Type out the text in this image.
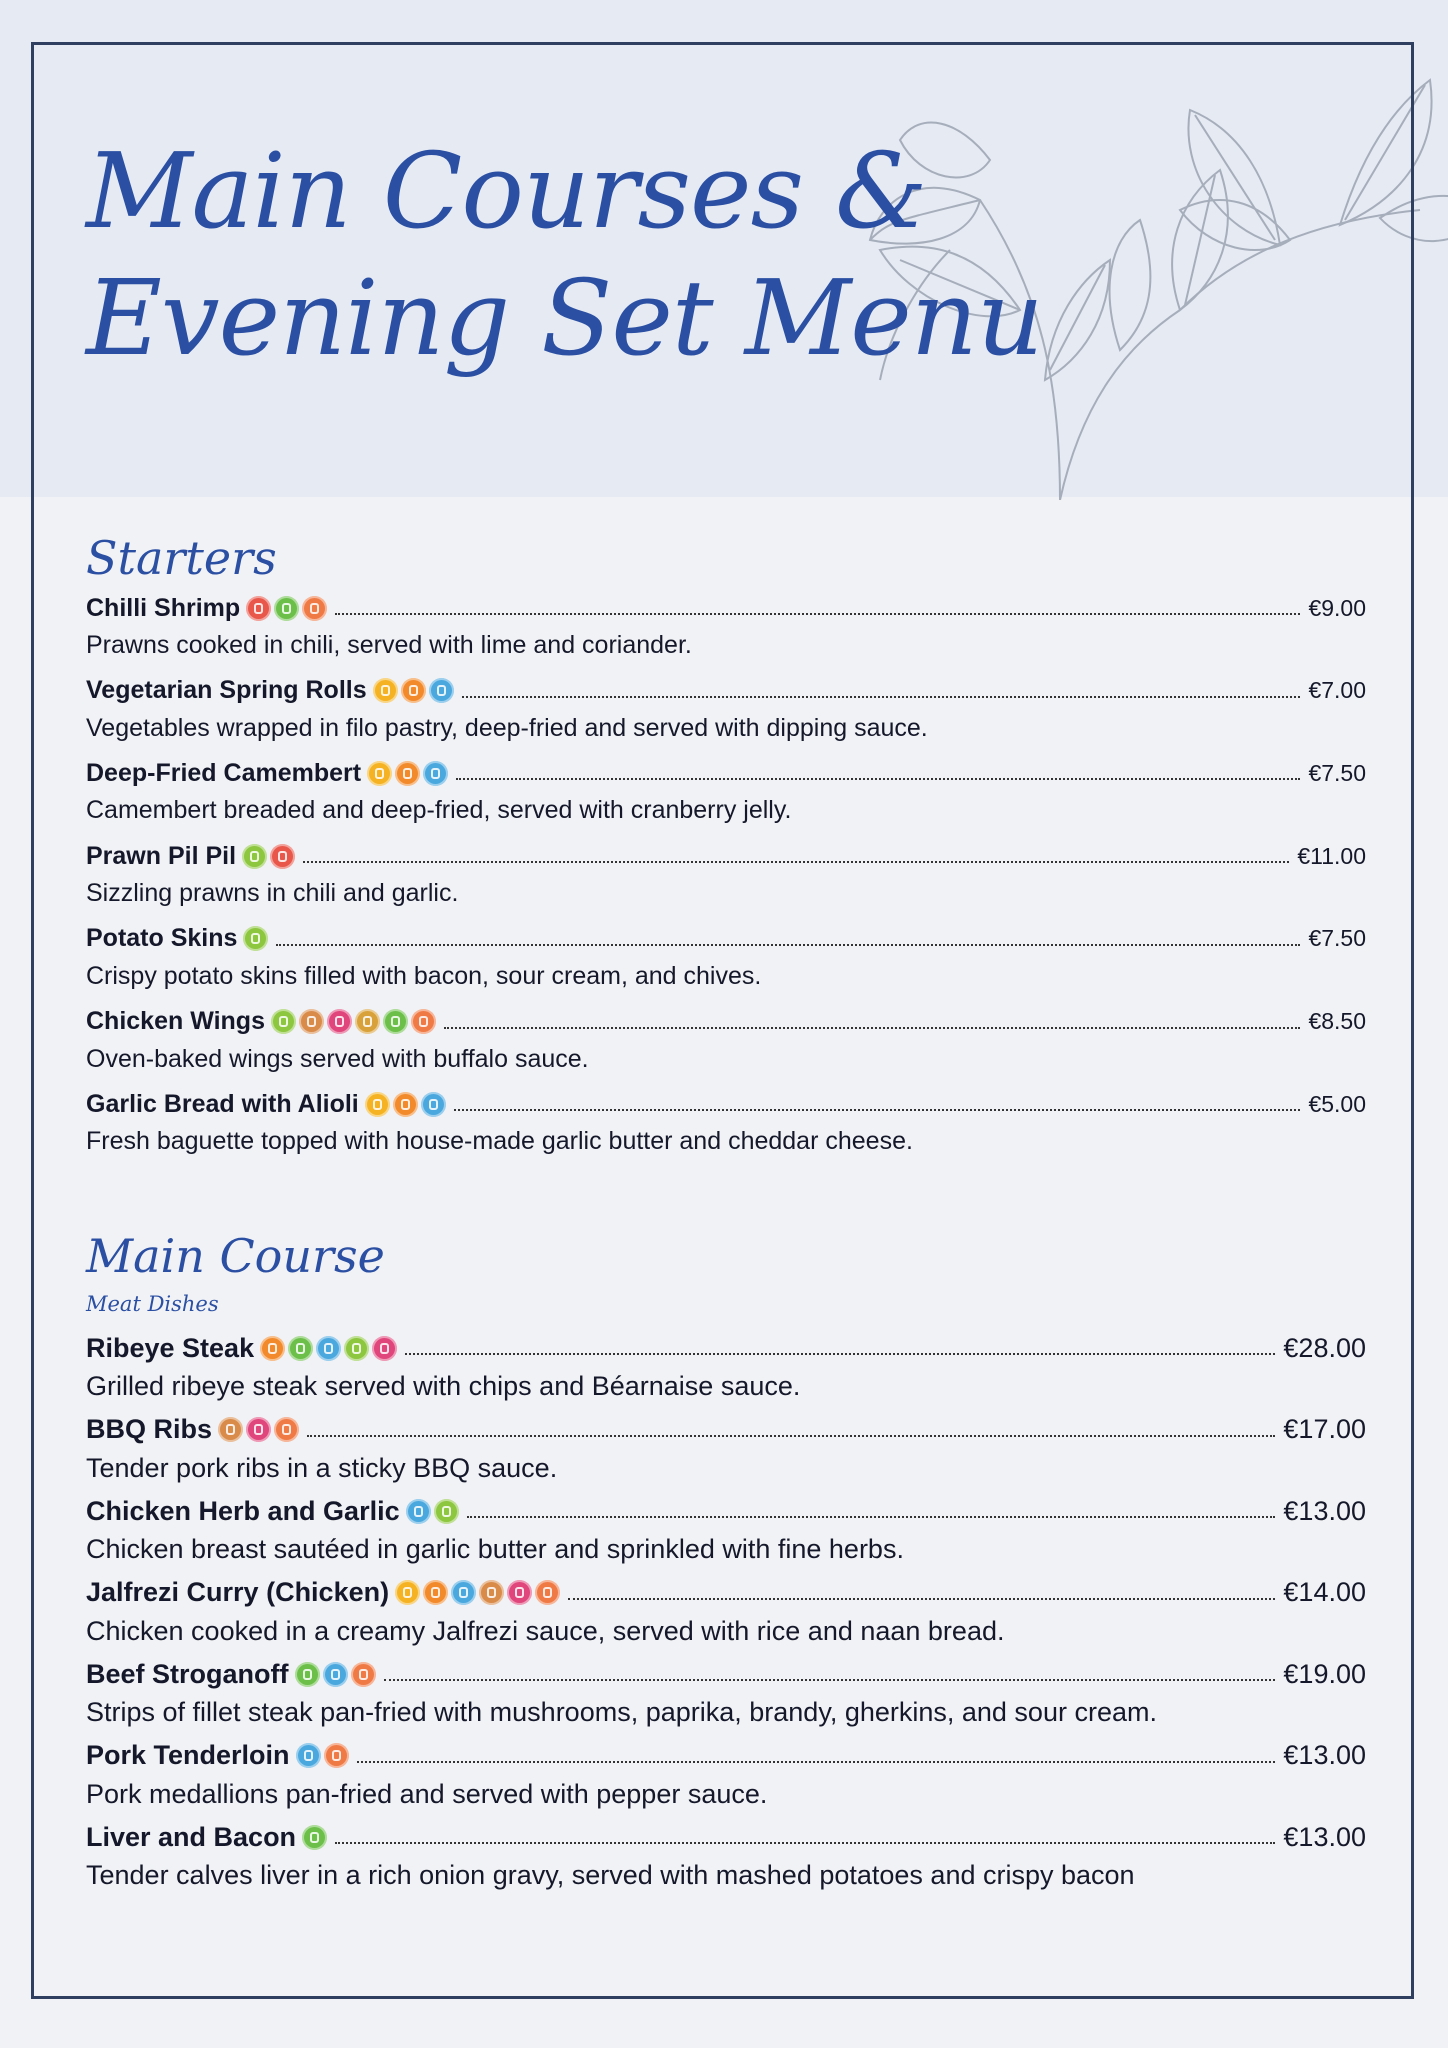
Main Courses &
Evening Set Menu
Starters
Chilli Shrimp	€9.00
Prawns cooked in chili, served with lime and coriander.
Vegetarian Spring Rolls	€7.00
Vegetables wrapped in filo pastry, deep-fried and served with dipping sauce.
Deep-Fried Camembert	€7.50
Camembert breaded and deep-fried, served with cranberry jelly.
Prawn Pil Pil	€11.00
Sizzling prawns in chili and garlic.
Potato Skins	€7.50
Crispy potato skins filled with bacon, sour cream, and chives.
Chicken Wings	€8.50
Oven-baked wings served with buffalo sauce.
Garlic Bread with Alioli	€5.00
Fresh baguette topped with house-made garlic butter and cheddar cheese.
Main Course
Meat Dishes
Ribeye Steak	€28.00
Grilled ribeye steak served with chips and Béarnaise sauce.
BBQ Ribs	€17.00
Tender pork ribs in a sticky BBQ sauce.
Chicken Herb and Garlic	€13.00
Chicken breast sautéed in garlic butter and sprinkled with fine herbs.
Jalfrezi Curry (Chicken)	€14.00
Chicken cooked in a creamy Jalfrezi sauce, served with rice and naan bread.
Beef Stroganoff	€19.00
Strips of fillet steak pan-fried with mushrooms, paprika, brandy, gherkins, and sour cream.
Pork Tenderloin	€13.00
Pork medallions pan-fried and served with pepper sauce.
Liver and Bacon	€13.00
Tender calves liver in a rich onion gravy, served with mashed potatoes and crispy bacon
